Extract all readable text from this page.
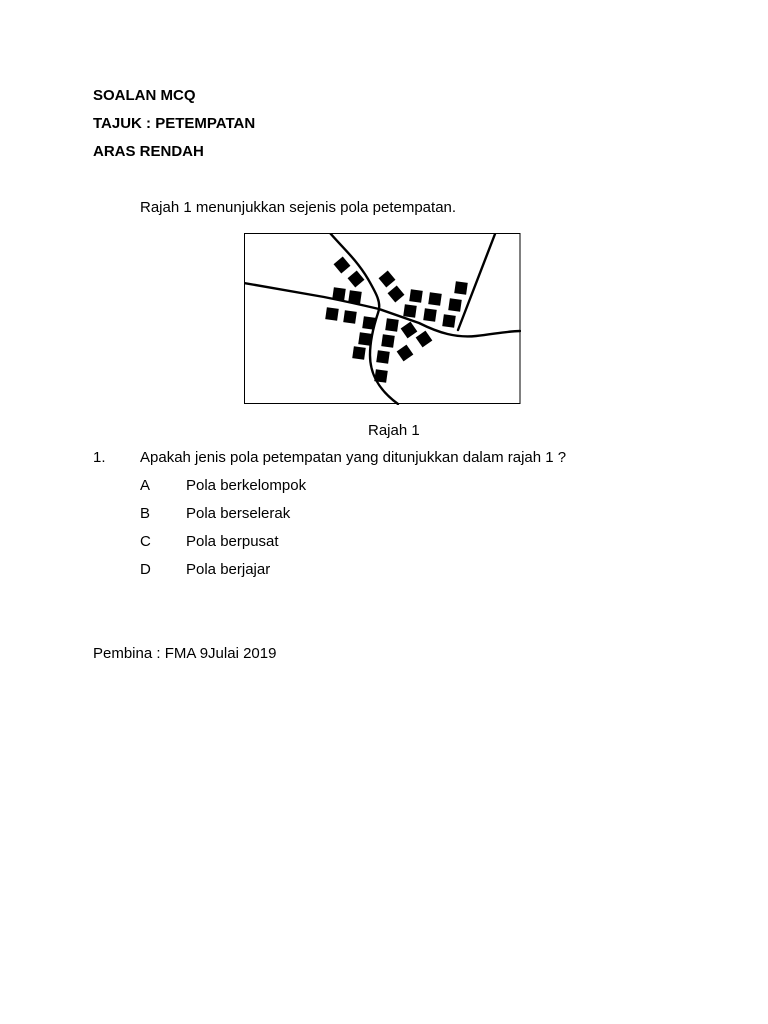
SOALAN MCQ
TAJUK : PETEMPATAN
ARAS RENDAH
Rajah 1 menunjukkan sejenis pola petempatan.
Rajah 1
1. Apakah jenis pola petempatan yang ditunjukkan dalam rajah 1 ?
A Pola berkelompok
B Pola berselerak
C Pola berpusat
D Pola berjajar
Pembina : FMA 9Julai 2019
